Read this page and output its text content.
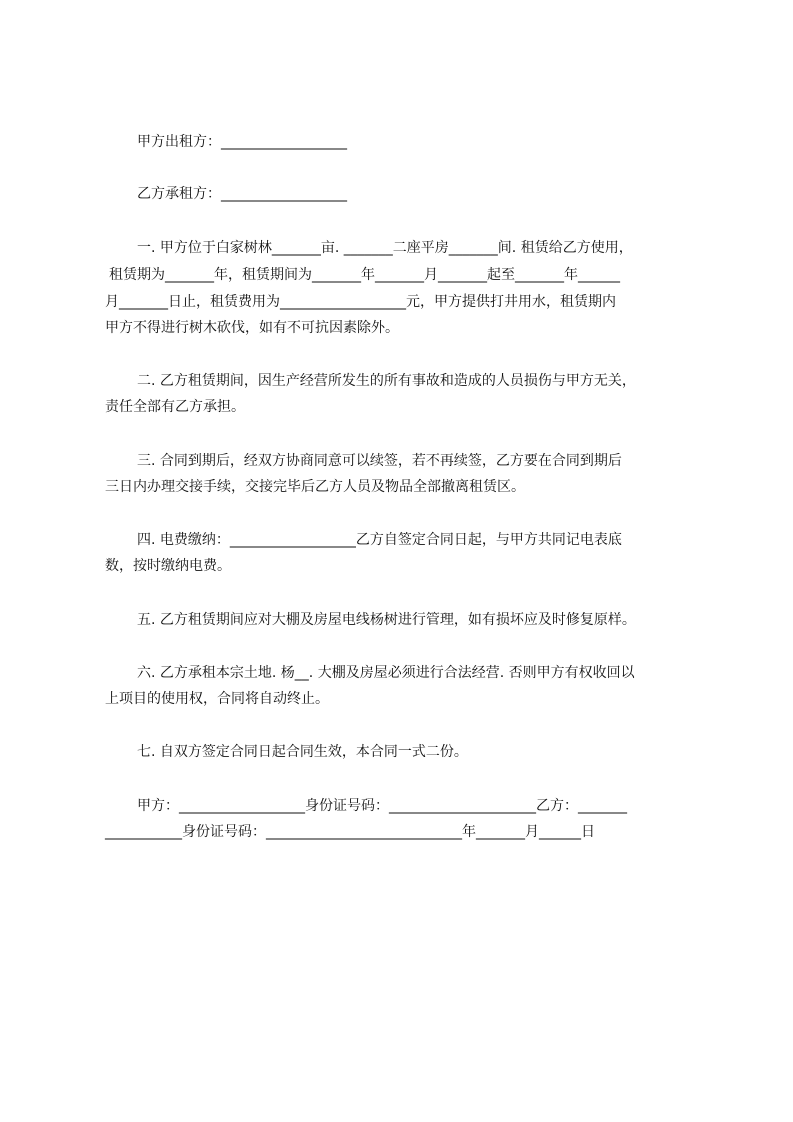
甲方出租方：__________________
乙方承租方：__________________
一. 甲方位于白家树林_______亩. _______二座平房_______间. 租赁给乙方使用，
租赁期为_______年，租赁期间为_______年_______月_______起至_______年______
月_______日止，租赁费用为__________________元，甲方提供打井用水，租赁期内
甲方不得进行树木砍伐，如有不可抗因素除外。
二. 乙方租赁期间，因生产经营所发生的所有事故和造成的人员损伤与甲方无关，
责任全部有乙方承担。
三. 合同到期后，经双方协商同意可以续签，若不再续签，乙方要在合同到期后
三日内办理交接手续，交接完毕后乙方人员及物品全部撤离租赁区。
四. 电费缴纳：__________________乙方自签定合同日起，与甲方共同记电表底
数，按时缴纳电费。
五. 乙方租赁期间应对大棚及房屋电线杨树进行管理，如有损坏应及时修复原样。
六. 乙方承租本宗土地. 杨__. 大棚及房屋必须进行合法经营. 否则甲方有权收回以
上项目的使用权，合同将自动终止。
七. 自双方签定合同日起合同生效，本合同一式二份。
甲方：__________________身份证号码：_____________________乙方：_______
___________身份证号码：____________________________年_______月______日
